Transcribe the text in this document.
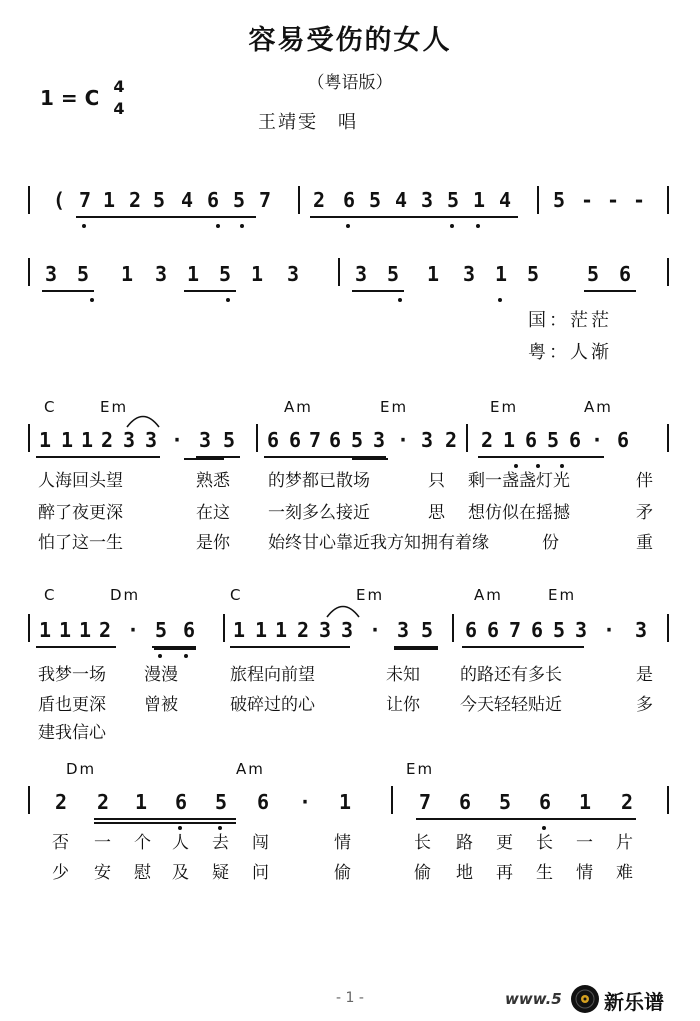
容易受伤的女人
（粤语版）
1 = C 4
4
王靖雯　唱
( 7 1 2 5 4 6 5 7 2 6 5 4 3 5 1 4 5 - - -
3 5 1 3 1 5 1 3	3 5 1 3 1 5 5 6
1 1 1 2 3 3 · 3 5 6 6 7 6 5 3 · 3 2 2 1 6 5 6 · 6
1 1 1 2 · 5 6 1 1 1 2 3 3 · 3 5 6 6 7 6 5 3 · 3
2 2 1 6 5 6 · 1	7 6 5 6 1 2
C	Em	Am	Em	Em	Am
C	Dm	C	Em	Am	Em
Dm	Am	Em
人海回头望	熟悉 的梦都已散场	只 剩一盏盏灯光	伴
醉了夜更深	在这 一刻多么接近	思 想仿似在摇撼	矛
怕了这一生	是你 始终甘心靠近我方知拥有着缘	份	重
我梦一场 漫漫	旅程向前望	未知 的路还有多长	是
盾也更深 曾被	破碎过的心	让你 今天轻轻贴近	多
建我信心
否 一 个 人 去 闯	情	长 路 更 长 一 片
少 安 慰 及 疑 问	偷	偷 地 再 生 情 难
国：茫茫
粤：人渐
- 1 -	www.5 新乐谱
